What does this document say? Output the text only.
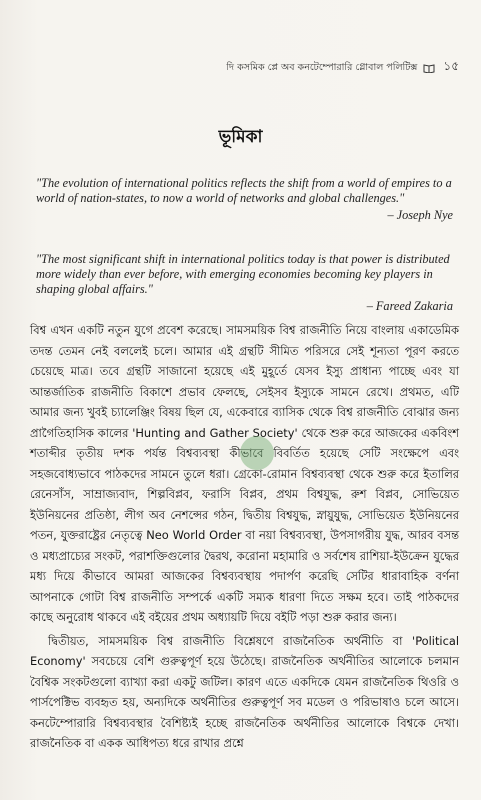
দি কসমিক প্লে অব কনটেম্পোরারি গ্লোবাল পলিটিক্স ১৫
ভূমিকা
"The evolution of international politics reflects the shift from a world of empires to a world of nation-states, to now a world of networks and global challenges."
– Joseph Nye
"The most significant shift in international politics today is that power is distributed more widely than ever before, with emerging economies becoming key players in shaping global affairs."
– Fareed Zakaria

বিশ্ব এখন একটি নতুন যুগে প্রবেশ করেছে। সামসময়িক বিশ্ব রাজনীতি নিয়ে বাংলায় একাডেমিক তদন্ত তেমন নেই বললেই চলে। আমার এই গ্রন্থটি সীমিত পরিসরে সেই শূন্যতা পূরণ করতে চেয়েছে মাত্র। তবে গ্রন্থটি সাজানো হয়েছে এই মুহূর্তে যেসব ইস্যু প্রাধান্য পাচ্ছে এবং যা আন্তর্জাতিক রাজনীতি বিকাশে প্রভাব ফেলছে, সেইসব ইস্যুকে সামনে রেখে। প্রথমত, এটি আমার জন্য খুবই চ্যালেঞ্জিং বিষয় ছিল যে, একেবারে ব্যাসিক থেকে বিশ্ব রাজনীতি বোঝার জন্য প্রাগৈতিহাসিক কালের 'Hunting and Gather Society' থেকে শুরু করে আজকের একবিংশ শতাব্দীর তৃতীয় দশক পর্যন্ত বিশ্বব্যবস্থা কীভাবে বিবর্তিত হয়েছে সেটি সংক্ষেপে এবং সহজবোধ্যভাবে পাঠকদের সামনে তুলে ধরা। গ্রেকো-রোমান বিশ্বব্যবস্থা থেকে শুরু করে ইতালির রেনেসাঁস, সাম্রাজ্যবাদ, শিল্পবিপ্লব, ফরাসি বিপ্লব, প্রথম বিশ্বযুদ্ধ, রুশ বিপ্লব, সোভিয়েত ইউনিয়নের প্রতিষ্ঠা, লীগ অব নেশন্সের গঠন, দ্বিতীয় বিশ্বযুদ্ধ, স্নায়ুযুদ্ধ, সোভিয়েত ইউনিয়নের পতন, যুক্তরাষ্ট্রের নেতৃত্বে Neo World Order বা নয়া বিশ্বব্যবস্থা, উপসাগরীয় যুদ্ধ, আরব বসন্ত ও মধ্যপ্রাচ্যের সংকট, পরাশক্তিগুলোর দ্বৈরথ, করোনা মহামারি ও সর্বশেষ রাশিয়া-ইউক্রেন যুদ্ধের মধ্য দিয়ে কীভাবে আমরা আজকের বিশ্বব্যবস্থায় পদার্পণ করেছি সেটির ধারাবাহিক বর্ণনা আপনাকে গোটা বিশ্ব রাজনীতি সম্পর্কে একটি সম্যক ধারণা দিতে সক্ষম হবে। তাই পাঠকদের কাছে অনুরোধ থাকবে এই বইয়ের প্রথম অধ্যায়টি দিয়ে বইটি পড়া শুরু করার জন্য।

দ্বিতীয়ত, সামসময়িক বিশ্ব রাজনীতি বিশ্লেষণে রাজনৈতিক অর্থনীতি বা 'Political Economy' সবচেয়ে বেশি গুরুত্বপূর্ণ হয়ে উঠেছে। রাজনৈতিক অর্থনীতির আলোকে চলমান বৈশ্বিক সংকটগুলো ব্যাখ্যা করা একটু জটিল। কারণ এতে একদিকে যেমন রাজনৈতিক থিওরি ও পার্সপেক্টিভ ব্যবহৃত হয়, অন্যদিকে অর্থনীতির গুরুত্বপূর্ণ সব মডেল ও পরিভাষাও চলে আসে। কনটেম্পোরারি বিশ্বব্যবস্থার বৈশিষ্ট্যই হচ্ছে রাজনৈতিক অর্থনীতির আলোকে বিশ্বকে দেখা। রাজনৈতিক বা একক আধিপত্য ধরে রাখার প্রশ্নে
